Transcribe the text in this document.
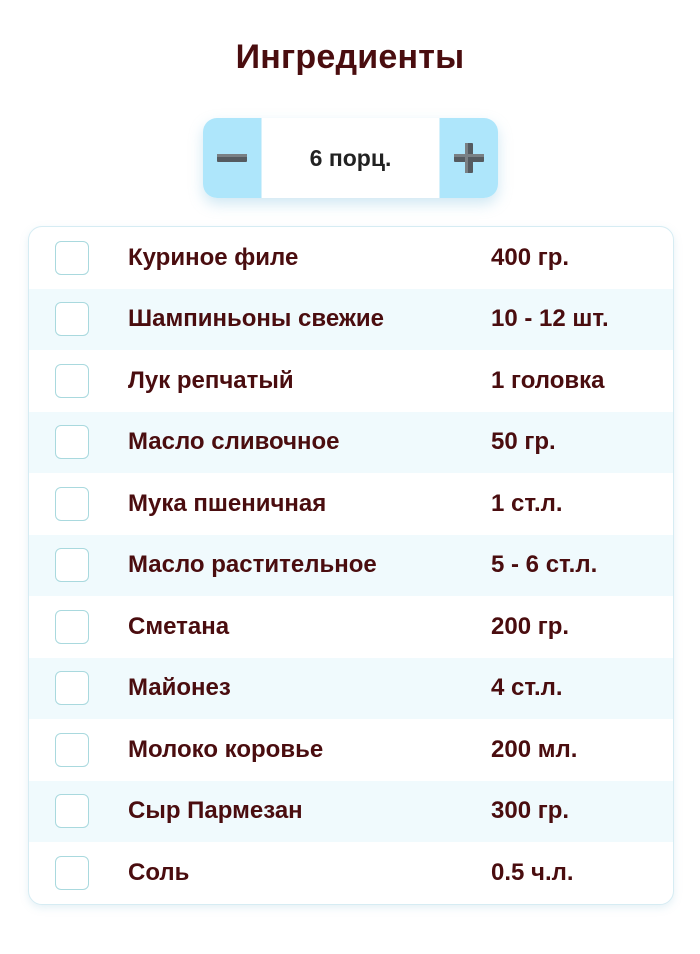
Ингредиенты
6 порц.
Куриное филе	400 гр.
Шампиньоны свежие	10 - 12 шт.
Лук репчатый	1 головка
Масло сливочное	50 гр.
Мука пшеничная	1 ст.л.
Масло растительное	5 - 6 ст.л.
Сметана	200 гр.
Майонез	4 ст.л.
Молоко коровье	200 мл.
Сыр Пармезан	300 гр.
Соль	0.5 ч.л.
